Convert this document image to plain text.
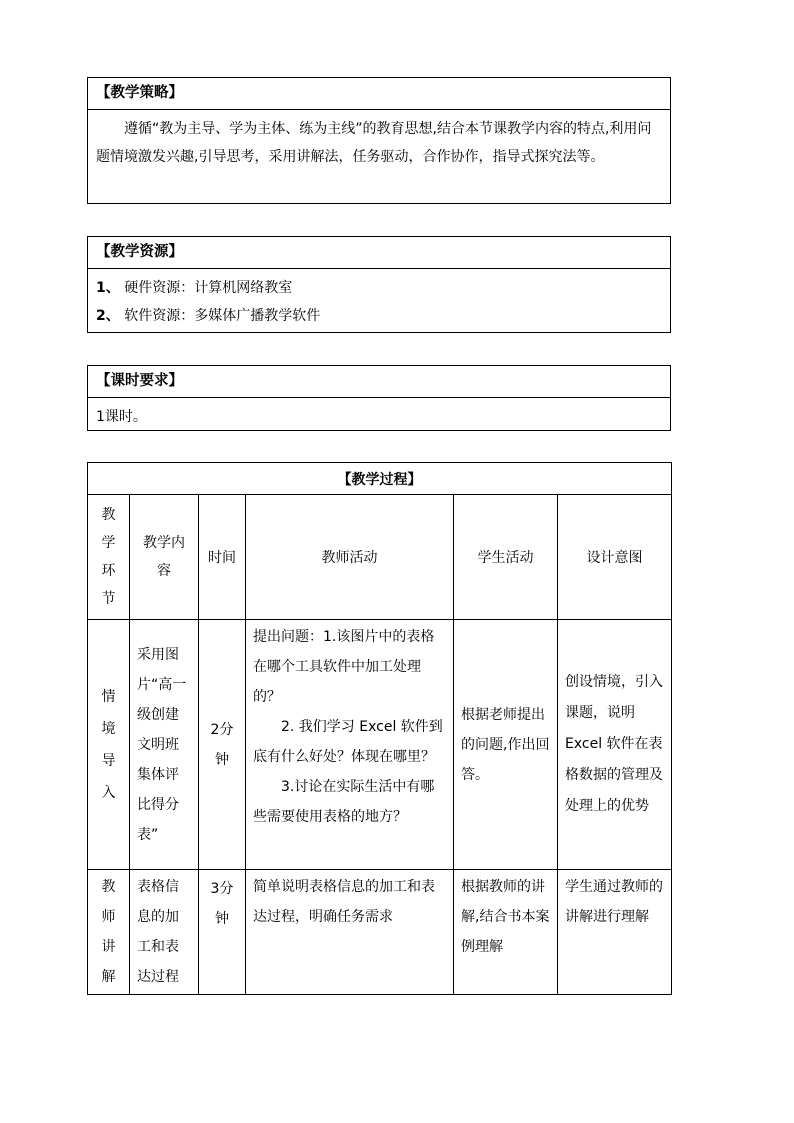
【教学策略】
遵循“教为主导、学为主体、练为主线”的教育思想,结合本节课教学内容的特点,利用问题情境激发兴趣,引导思考，采用讲解法，任务驱动，合作协作，指导式探究法等。
【教学资源】
1、 硬件资源：计算机网络教室
2、 软件资源：多媒体广播教学软件
【课时要求】
1课时。
【教学过程】					

教学环节	教学内容	时间	教师活动	学生活动	设计意图

情境导入	采用图片“高一级创建文明班集体评比得分表”	2分钟	提出问题：1.该图片中的表格在哪个工具软件中加工处理的？
2. 我们学习 Excel 软件到底有什么好处？体现在哪里？
3.讨论在实际生活中有哪些需要使用表格的地方？	根据老师提出的问题,作出回答。	创设情境，引入课题，说明 Excel 软件在表格数据的管理及处理上的优势

教师讲解	表格信息的加工和表达过程	3分钟	简单说明表格信息的加工和表达过程，明确任务需求	根据教师的讲解,结合书本案例理解	学生通过教师的讲解进行理解
